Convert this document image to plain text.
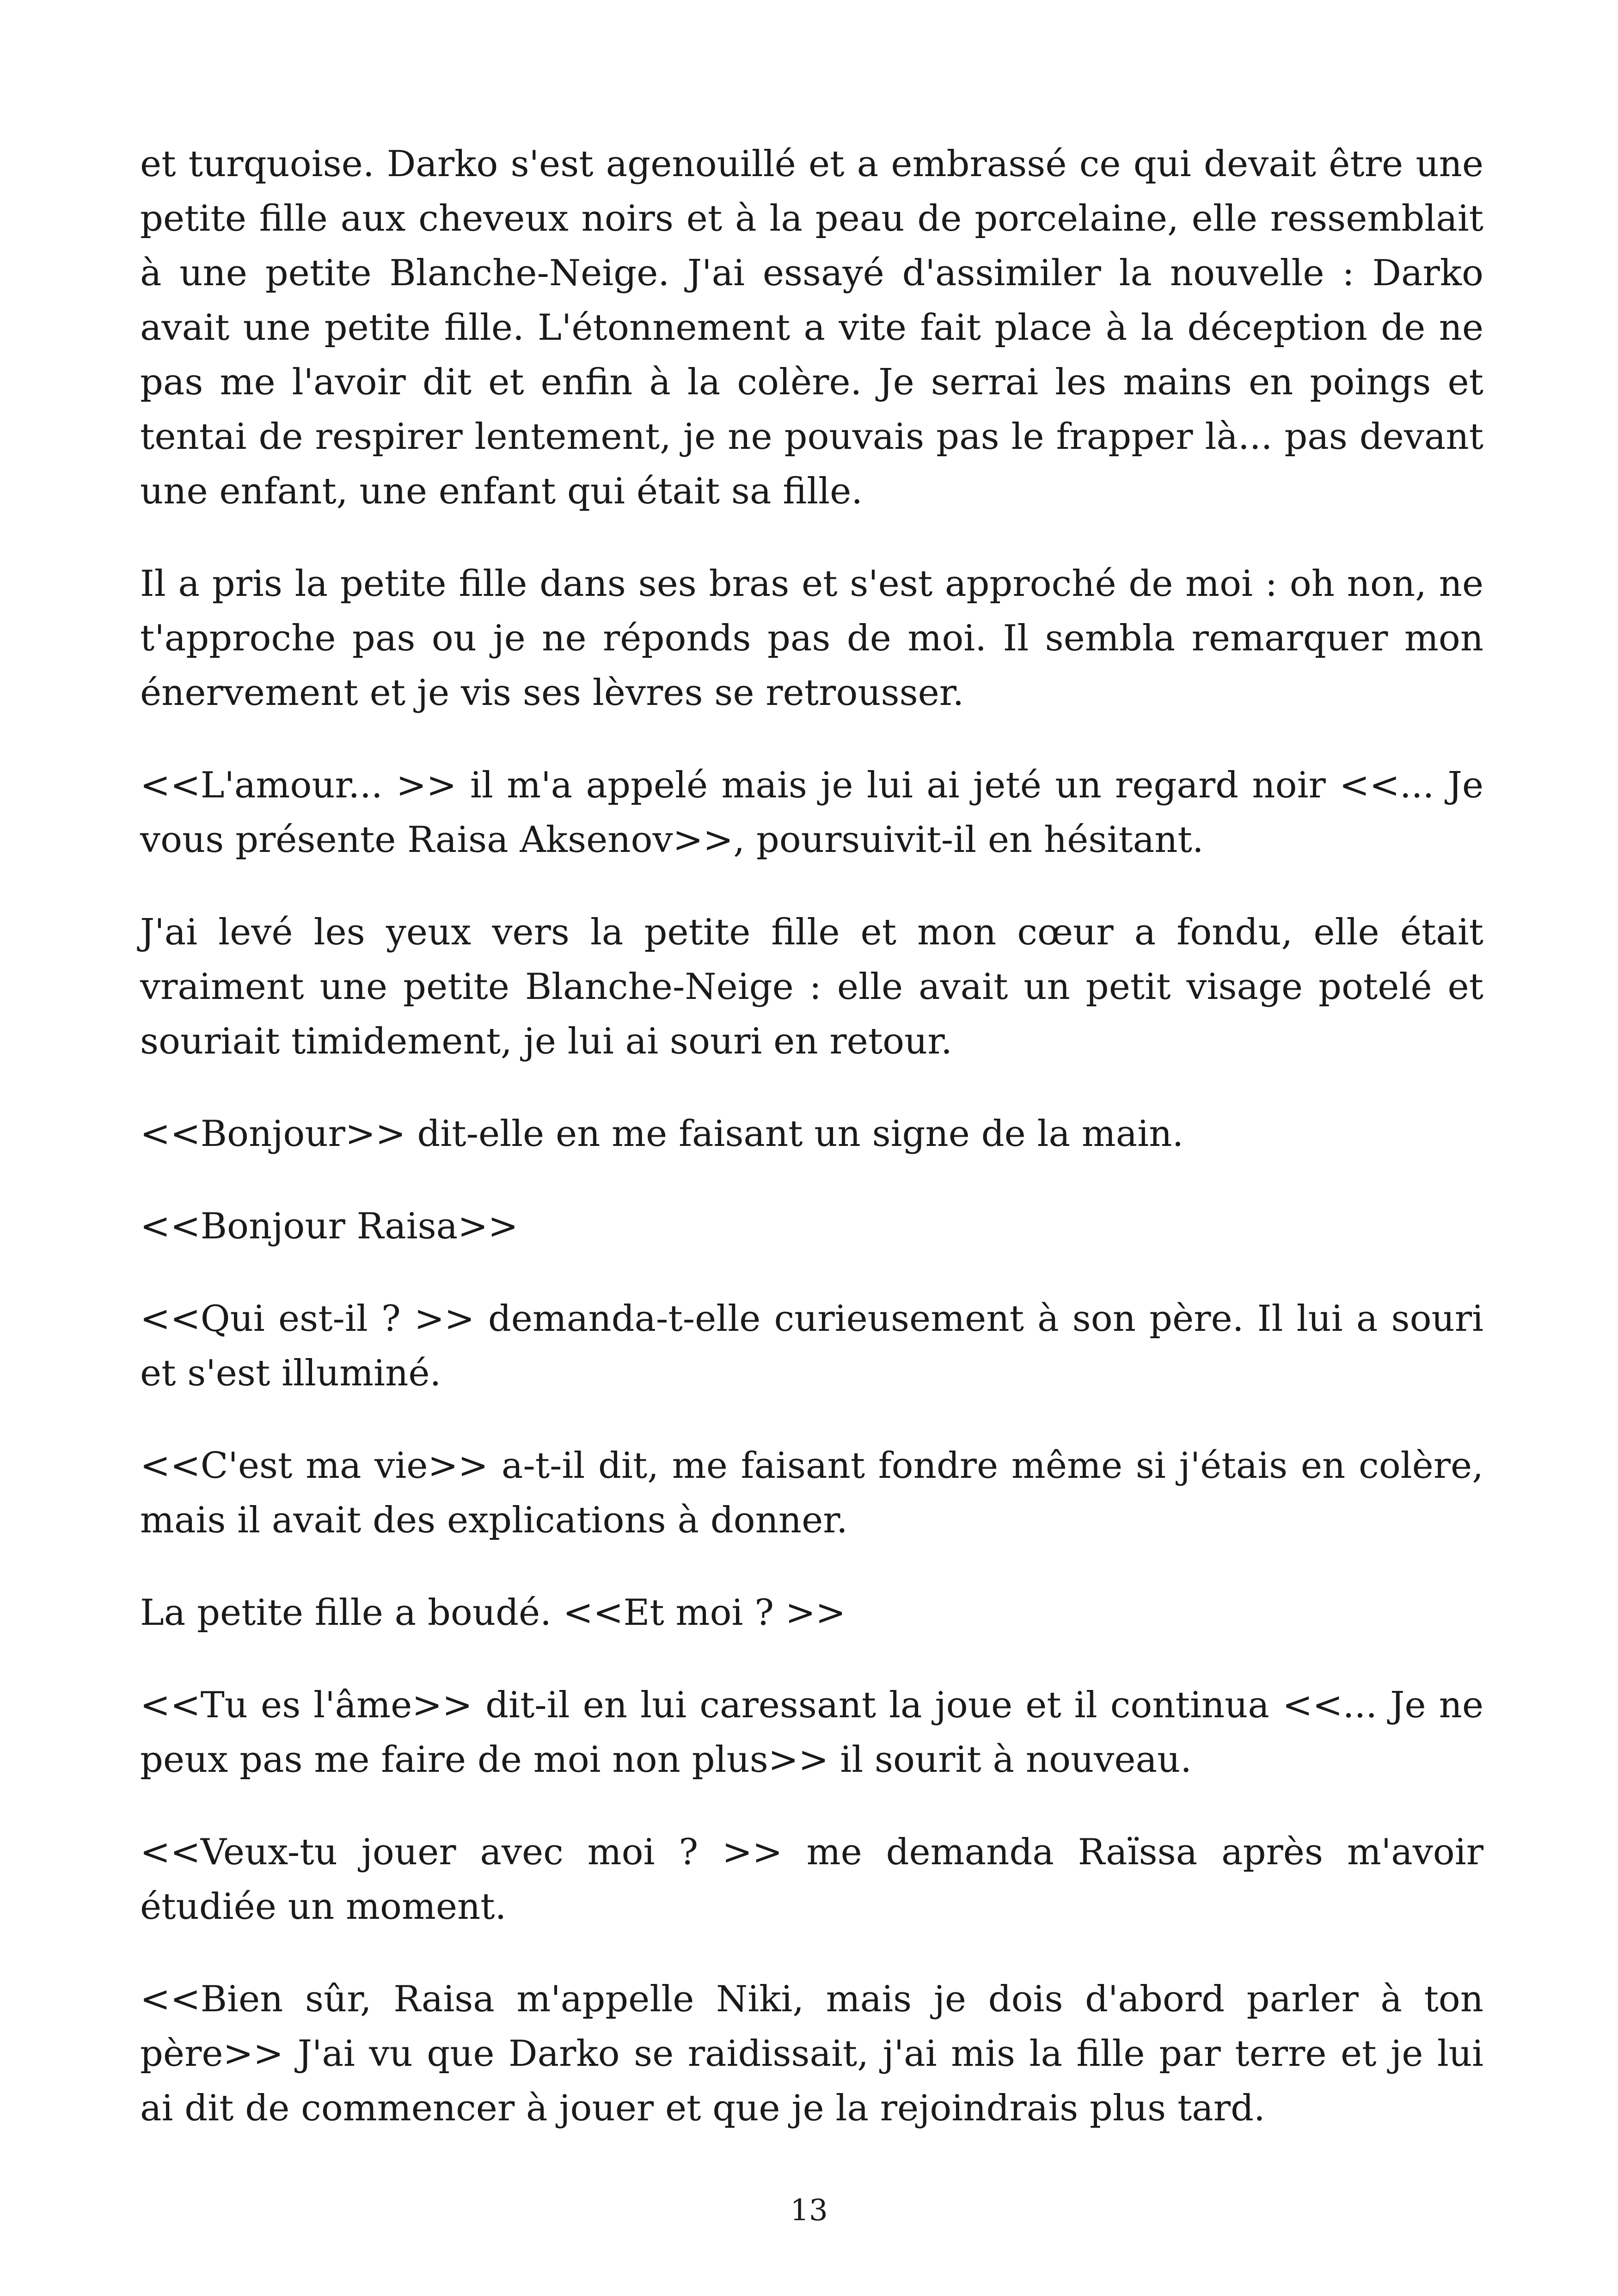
et turquoise. Darko s'est agenouillé et a embrassé ce qui devait être une petite fille aux cheveux noirs et à la peau de porcelaine, elle ressemblait à une petite Blanche-Neige. J'ai essayé d'assimiler la nouvelle : Darko avait une petite fille. L'étonnement a vite fait place à la déception de ne pas me l'avoir dit et enfin à la colère. Je serrai les mains en poings et tentai de respirer lentement, je ne pouvais pas le frapper là... pas devant une enfant, une enfant qui était sa fille.

Il a pris la petite fille dans ses bras et s'est approché de moi : oh non, ne t'approche pas ou je ne réponds pas de moi. Il sembla remarquer mon énervement et je vis ses lèvres se retrousser.

<<L'amour... >> il m'a appelé mais je lui ai jeté un regard noir <<... Je vous présente Raisa Aksenov>>, poursuivit-il en hésitant.

J'ai levé les yeux vers la petite fille et mon cœur a fondu, elle était vraiment une petite Blanche-Neige : elle avait un petit visage potelé et souriait timidement, je lui ai souri en retour.

<<Bonjour>> dit-elle en me faisant un signe de la main.

<<Bonjour Raisa>>

<<Qui est-il ? >> demanda-t-elle curieusement à son père. Il lui a souri et s'est illuminé.

<<C'est ma vie>> a-t-il dit, me faisant fondre même si j'étais en colère, mais il avait des explications à donner.

La petite fille a boudé. <<Et moi ? >>

<<Tu es l'âme>> dit-il en lui caressant la joue et il continua <<... Je ne peux pas me faire de moi non plus>> il sourit à nouveau.

<<Veux-tu jouer avec moi ? >> me demanda Raïssa après m'avoir étudiée un moment.

<<Bien sûr, Raisa m'appelle Niki, mais je dois d'abord parler à ton père>> J'ai vu que Darko se raidissait, j'ai mis la fille par terre et je lui ai dit de commencer à jouer et que je la rejoindrais plus tard.

13
